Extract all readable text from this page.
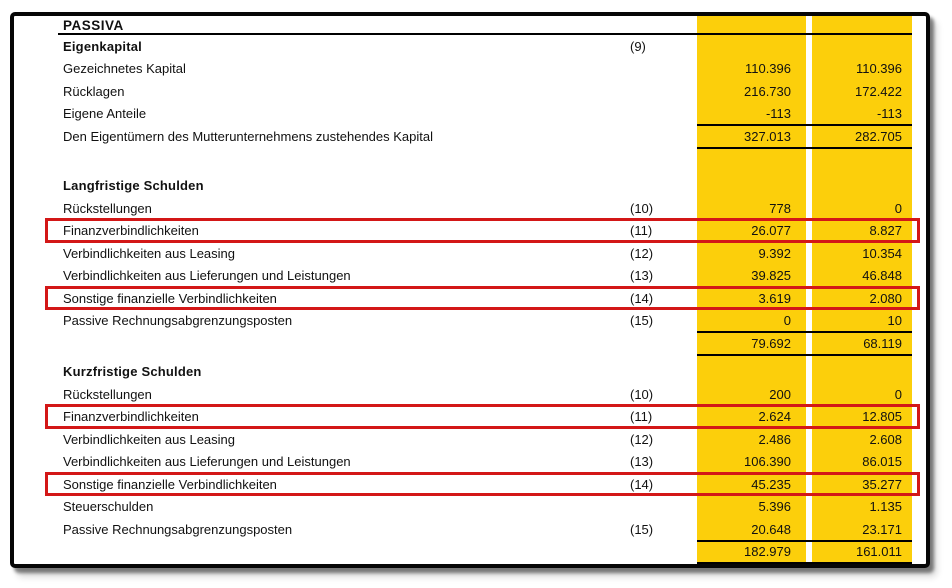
PASSIVA
Eigenkapital	(9)
Gezeichnetes Kapital	110.396	110.396
Rücklagen	216.730	172.422
Eigene Anteile	-113	-113
Den Eigentümern des Mutterunternehmens zustehendes Kapital	327.013	282.705
Langfristige Schulden
Rückstellungen	(10)	778	0
Finanzverbindlichkeiten	(11)	26.077	8.827
Verbindlichkeiten aus Leasing	(12)	9.392	10.354
Verbindlichkeiten aus Lieferungen und Leistungen	(13)	39.825	46.848
Sonstige finanzielle Verbindlichkeiten	(14)	3.619	2.080
Passive Rechnungsabgrenzungsposten	(15)	0	10
79.692	68.119
Kurzfristige Schulden
Rückstellungen	(10)	200	0
Finanzverbindlichkeiten	(11)	2.624	12.805
Verbindlichkeiten aus Leasing	(12)	2.486	2.608
Verbindlichkeiten aus Lieferungen und Leistungen	(13)	106.390	86.015
Sonstige finanzielle Verbindlichkeiten	(14)	45.235	35.277
Steuerschulden	5.396	1.135
Passive Rechnungsabgrenzungsposten	(15)	20.648	23.171
182.979	161.011
